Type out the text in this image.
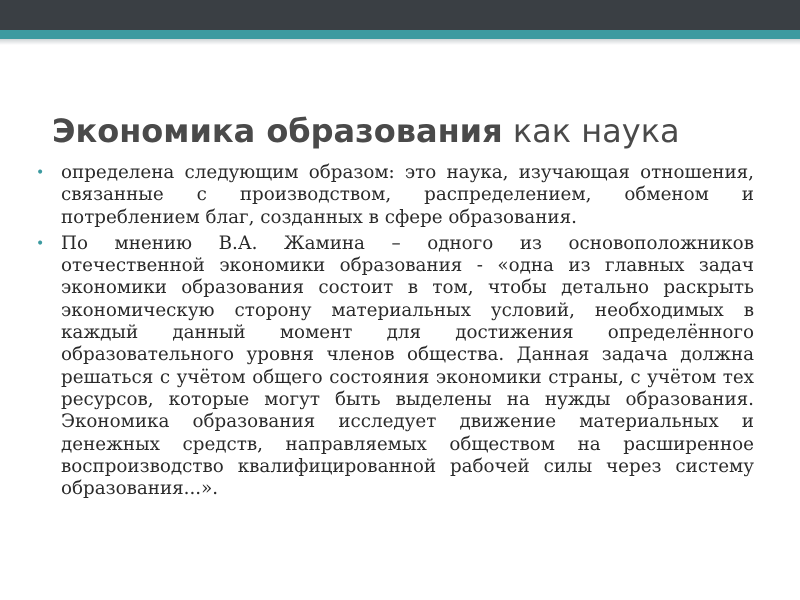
Экономика образования как наука
• определена следующим образом: это наука, изучающая отношения, связанные с производством, распределением, обменом и потреблением благ, созданных в сфере образования.
• По мнению В.А. Жамина – одного из основоположников отечественной экономики образования - «одна из главных задач экономики образования состоит в том, чтобы детально раскрыть экономическую сторону материальных условий, необходимых в каждый данный момент для достижения определённого образовательного уровня членов общества. Данная задача должна решаться с учётом общего состояния экономики страны, с учётом тех ресурсов, которые могут быть выделены на нужды образования. Экономика образования исследует движение материальных и денежных средств, направляемых обществом на расширенное воспроизводство квалифицированной рабочей силы через систему образования...».
